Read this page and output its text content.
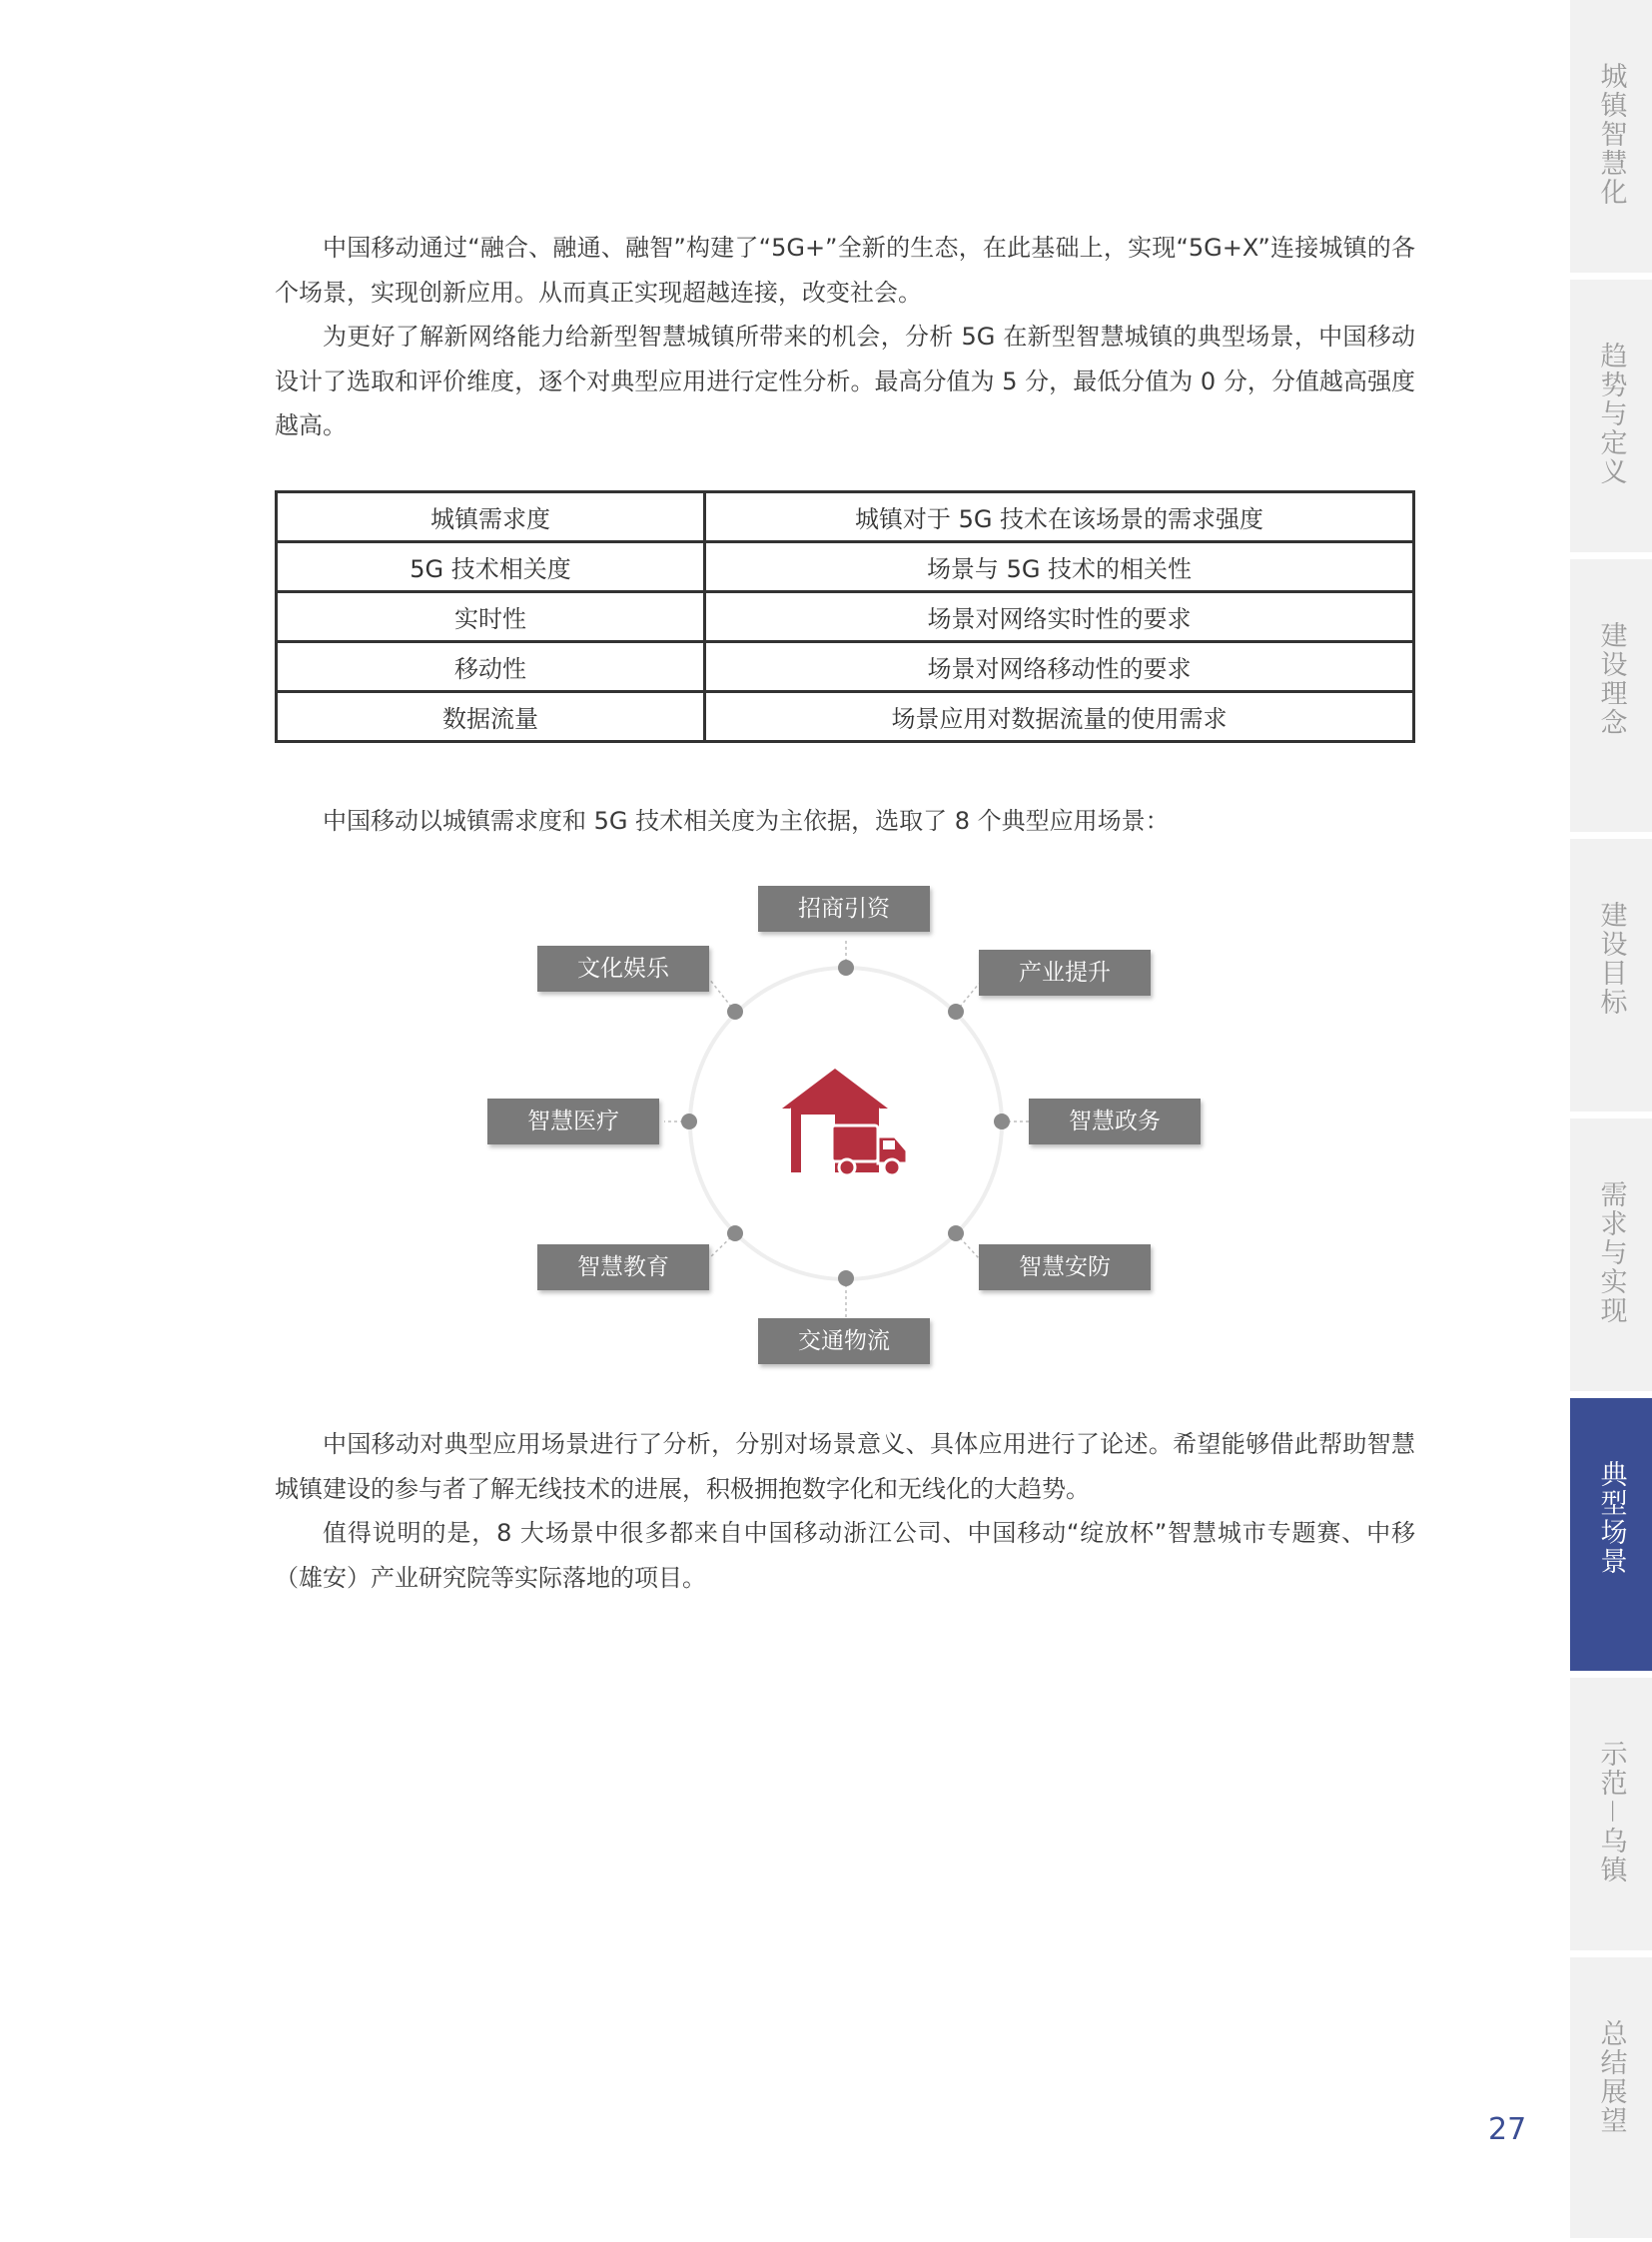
中国移动通过“融合、融通、融智”构建了“5G+”全新的生态，在此基础上，实现“5G+X”连接城镇的各个场景，实现创新应用。从而真正实现超越连接，改变社会。

为更好了解新网络能力给新型智慧城镇所带来的机会，分析 5G 在新型智慧城镇的典型场景，中国移动设计了选取和评价维度，逐个对典型应用进行定性分析。最高分值为 5 分，最低分值为 0 分，分值越高强度越高。

城镇需求度	城镇对于 5G 技术在该场景的需求强度
5G 技术相关度	场景与 5G 技术的相关性
实时性	场景对网络实时性的要求
移动性	场景对网络移动性的要求
数据流量	场景应用对数据流量的使用需求

中国移动以城镇需求度和 5G 技术相关度为主依据，选取了 8 个典型应用场景：

招商引资
产业提升
智慧政务
智慧安防
交通物流
智慧教育
智慧医疗
文化娱乐

中国移动对典型应用场景进行了分析，分别对场景意义、具体应用进行了论述。希望能够借此帮助智慧城镇建设的参与者了解无线技术的进展，积极拥抱数字化和无线化的大趋势。

值得说明的是，8 大场景中很多都来自中国移动浙江公司、中国移动“绽放杯”智慧城市专题赛、中移（雄安）产业研究院等实际落地的项目。

城镇智慧化
趋势与定义
建设理念
建设目标
需求与实现
典型场景
示范－乌镇
总结展望
27
